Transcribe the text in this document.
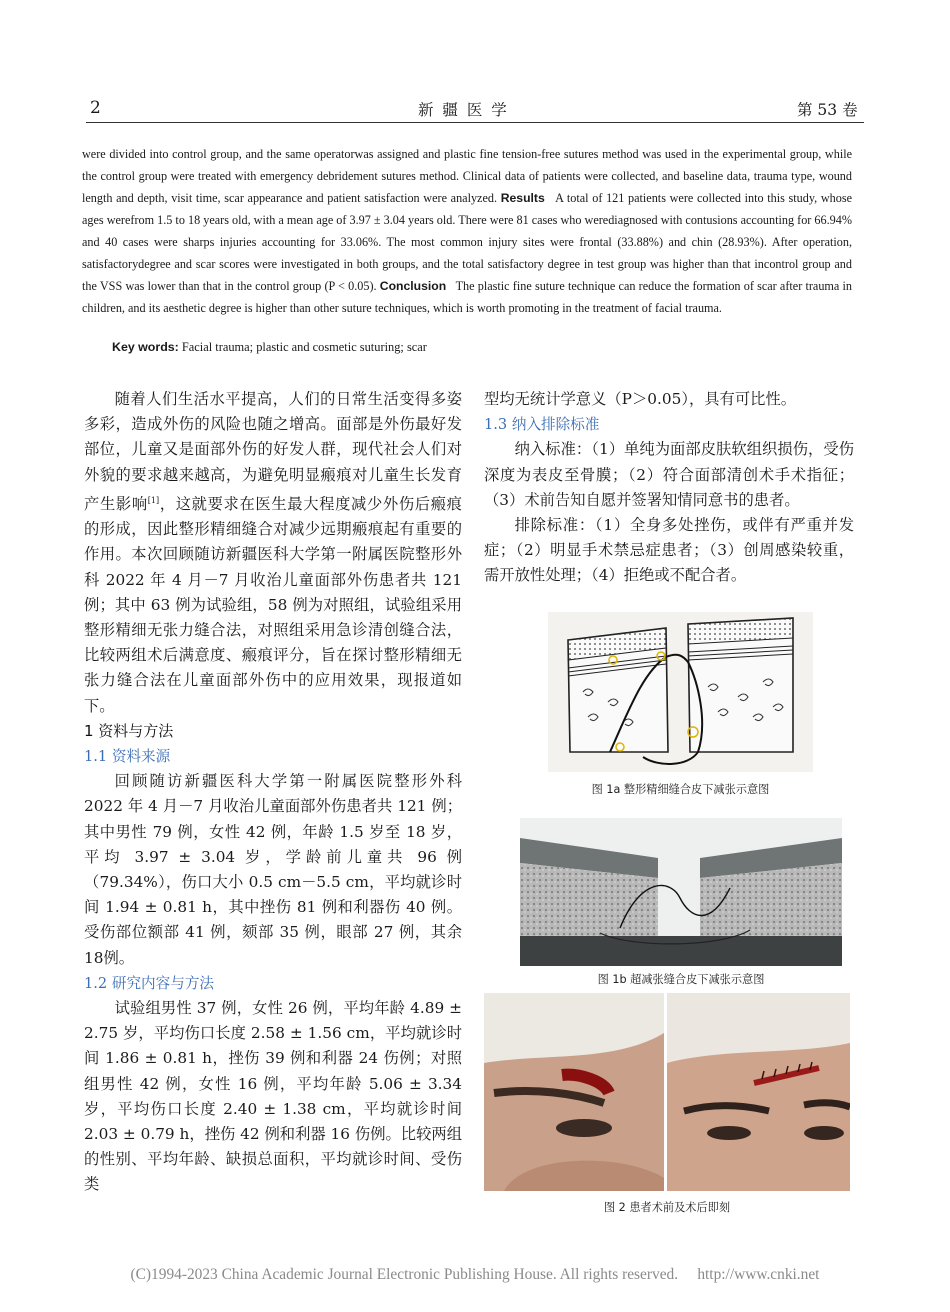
2	新 疆 医 学	第 53 卷
were divided into control group, and the same operatorwas assigned and plastic fine tension-free sutures method was used in the experimental group, while the control group were treated with emergency debridement sutures method. Clinical data of patients were collected, and baseline data, trauma type, wound length and depth, visit time, scar appearance and patient satisfaction were analyzed. Results A total of 121 patients were collected into this study, whose ages werefrom 1.5 to 18 years old, with a mean age of 3.97 ± 3.04 years old. There were 81 cases who werediagnosed with contusions accounting for 66.94% and 40 cases were sharps injuries accounting for 33.06%. The most common injury sites were frontal (33.88%) and chin (28.93%). After operation, satisfactorydegree and scar scores were investigated in both groups, and the total satisfactory degree in test group was higher than that incontrol group and the VSS was lower than that in the control group (P < 0.05). Conclusion The plastic fine suture technique can reduce the formation of scar after trauma in children, and its aesthetic degree is higher than other suture techniques, which is worth promoting in the treatment of facial trauma.
Key words: Facial trauma; plastic and cosmetic suturing; scar

随着人们生活水平提高，人们的日常生活变得多姿多彩，造成外伤的风险也随之增高。面部是外伤最好发部位，儿童又是面部外伤的好发人群，现代社会人们对外貌的要求越来越高，为避免明显瘢痕对儿童生长发育产生影响[1]，这就要求在医生最大程度减少外伤后瘢痕的形成，因此整形精细缝合对减少远期瘢痕起有重要的作用。本次回顾随访新疆医科大学第一附属医院整形外科 2022 年 4 月－7 月收治儿童面部外伤患者共 121 例；其中 63 例为试验组，58 例为对照组，试验组采用整形精细无张力缝合法，对照组采用急诊清创缝合法，比较两组术后满意度、瘢痕评分，旨在探讨整形精细无张力缝合法在儿童面部外伤中的应用效果，现报道如下。

1 资料与方法
1.1 资料来源

回顾随访新疆医科大学第一附属医院整形外科 2022 年 4 月－7 月收治儿童面部外伤患者共 121 例；其中男性 79 例，女性 42 例，年龄 1.5 岁至 18 岁，平均 3.97 ± 3.04 岁，学龄前儿童共 96 例（79.34%），伤口大小 0.5 cm－5.5 cm，平均就诊时间 1.94 ± 0.81 h，其中挫伤 81 例和利器伤 40 例。受伤部位额部 41 例，颏部 35 例，眼部 27 例，其余 18例。

1.2 研究内容与方法

试验组男性 37 例，女性 26 例，平均年龄 4.89 ± 2.75 岁，平均伤口长度 2.58 ± 1.56 cm，平均就诊时间 1.86 ± 0.81 h，挫伤 39 例和利器 24 伤例；对照组男性 42 例，女性 16 例，平均年龄 5.06 ± 3.34 岁，平均伤口长度 2.40 ± 1.38 cm，平均就诊时间 2.03 ± 0.79 h，挫伤 42 例和利器 16 伤例。比较两组的性别、平均年龄、缺损总面积，平均就诊时间、受伤类

型均无统计学意义（P＞0.05），具有可比性。

1.3 纳入排除标准

纳入标准：（1）单纯为面部皮肤软组织损伤，受伤深度为表皮至骨膜；（2）符合面部清创术手术指征；（3）术前告知自愿并签署知情同意书的患者。

排除标准：（1）全身多处挫伤，或伴有严重并发症；（2）明显手术禁忌症患者；（3）创周感染较重，需开放性处理；（4）拒绝或不配合者。

图 1a 整形精细缝合皮下减张示意图
图 1b 超减张缝合皮下减张示意图
图 2 患者术前及术后即刻
(C)1994-2023 China Academic Journal Electronic Publishing House. All rights reserved. http://www.cnki.net
